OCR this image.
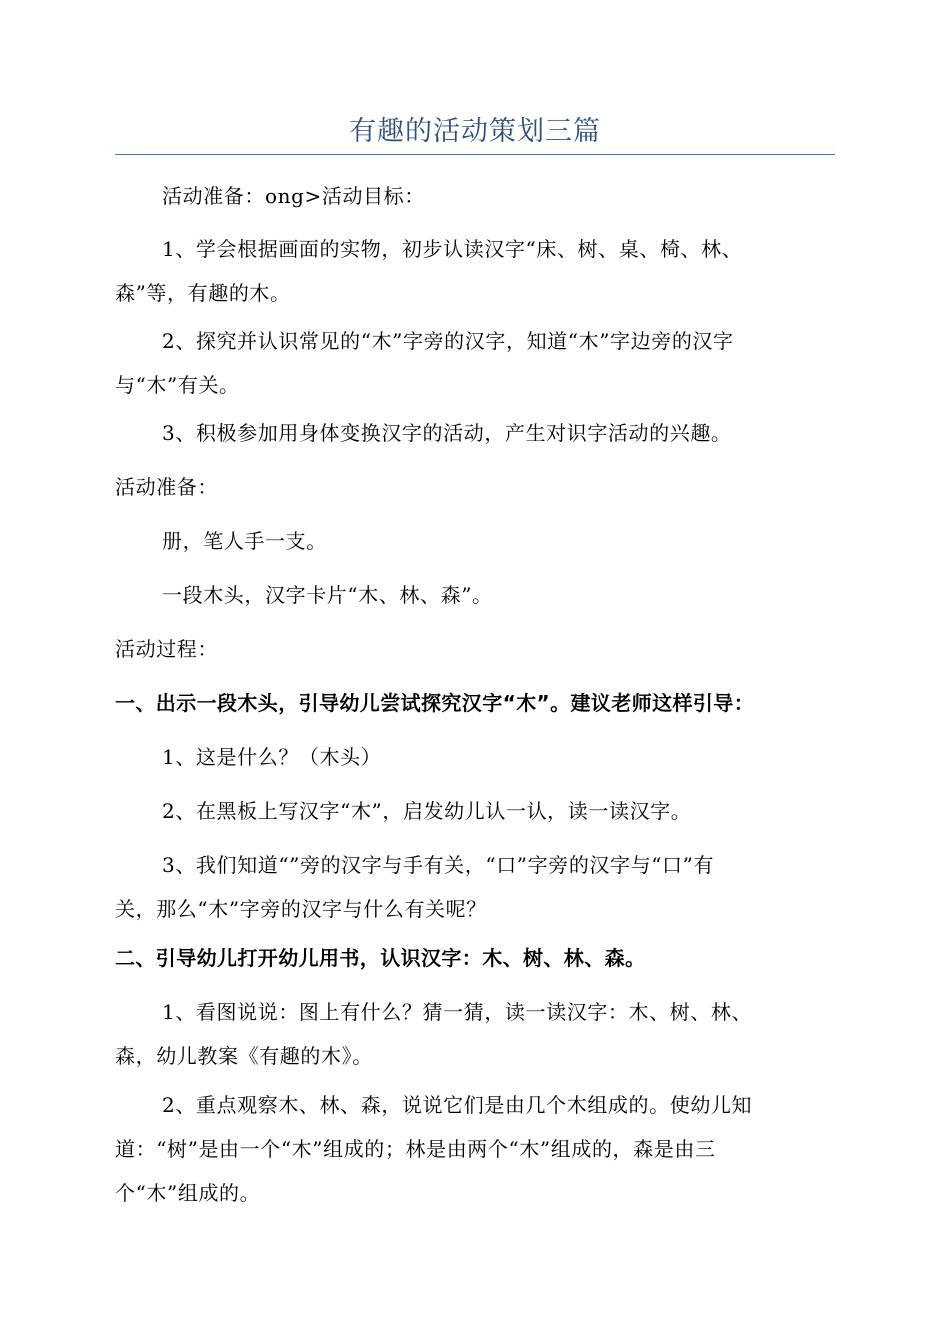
有趣的活动策划三篇

活动准备：ong>活动目标：

1、学会根据画面的实物，初步认读汉字“床、树、桌、椅、林、
森”等，有趣的木。

2、探究并认识常见的“木”字旁的汉字，知道“木”字边旁的汉字
与“木”有关。

3、积极参加用身体变换汉字的活动，产生对识字活动的兴趣。

活动准备：

册，笔人手一支。

一段木头，汉字卡片“木、林、森”。

活动过程：

一、出示一段木头，引导幼儿尝试探究汉字“木”。建议老师这样引导：

1、这是什么？（木头）

2、在黑板上写汉字“木”，启发幼儿认一认，读一读汉字。

3、我们知道“”旁的汉字与手有关，“口”字旁的汉字与“口”有
关，那么“木”字旁的汉字与什么有关呢？

二、引导幼儿打开幼儿用书，认识汉字：木、树、林、森。

1、看图说说：图上有什么？猜一猜，读一读汉字：木、树、林、
森，幼儿教案《有趣的木》。

2、重点观察木、林、森，说说它们是由几个木组成的。使幼儿知
道：“树”是由一个“木”组成的；林是由两个“木”组成的，森是由三
个“木”组成的。
